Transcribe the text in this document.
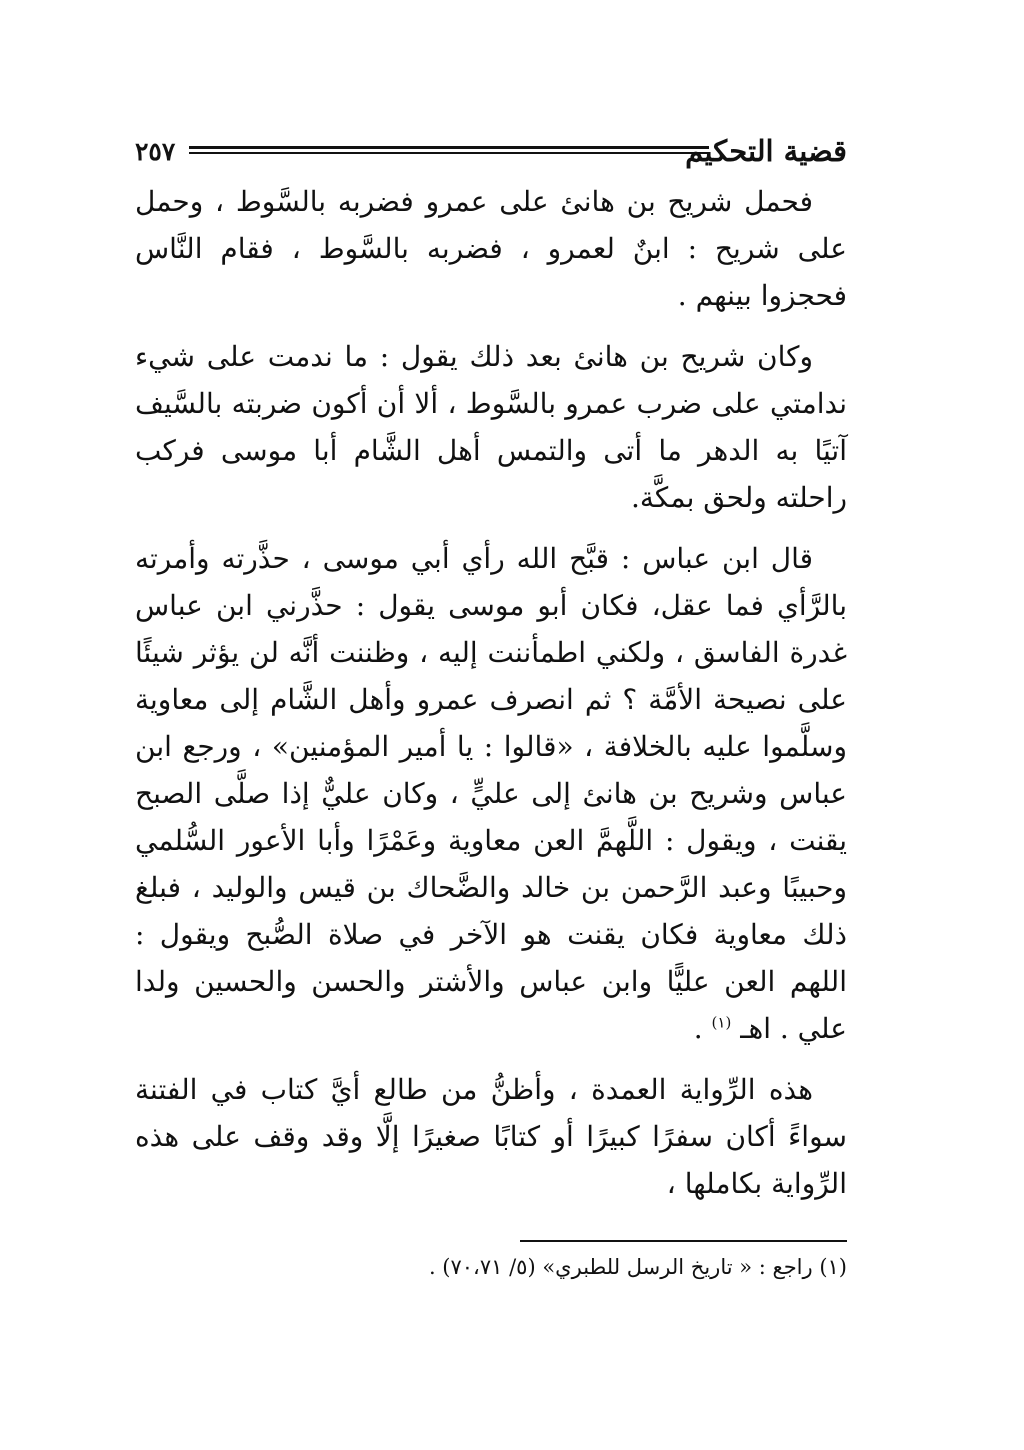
٢٥٧	قضية التحكيم

فحمل شريح بن هانئ على عمرو فضربه بالسَّوط ، وحمل على شريح : ابنٌ لعمرو ، فضربه بالسَّوط ، فقام النَّاس فحجزوا بينهم .

وكان شريح بن هانئ بعد ذلك يقول : ما ندمت على شيء ندامتي على ضرب عمرو بالسَّوط ، ألا أن أكون ضربته بالسَّيف آتيًا به الدهر ما أتى والتمس أهل الشَّام أبا موسى فركب راحلته ولحق بمكَّة.

قال ابن عباس : قبَّح الله رأي أبي موسى ، حذَّرته وأمرته بالرَّأي فما عقل، فكان أبو موسى يقول : حذَّرني ابن عباس غدرة الفاسق ، ولكني اطمأننت إليه ، وظننت أنَّه لن يؤثر شيئًا على نصيحة الأمَّة ؟ ثم انصرف عمرو وأهل الشَّام إلى معاوية وسلَّموا عليه بالخلافة ، «قالوا : يا أمير المؤمنين» ، ورجع ابن عباس وشريح بن هانئ إلى عليٍّ ، وكان عليٌّ إذا صلَّى الصبح يقنت ، ويقول : اللَّهمَّ العن معاوية وعَمْرًا وأبا الأعور السُّلمي وحبيبًا وعبد الرَّحمن بن خالد والضَّحاك بن قيس والوليد ، فبلغ ذلك معاوية فكان يقنت هو الآخر في صلاة الصُّبح ويقول : اللهم العن عليًّا وابن عباس والأشتر والحسن والحسين ولدا علي . اهـ $^{(١)}$ .

هذه الرِّواية العمدة ، وأظنُّ من طالع أيَّ كتاب في الفتنة سواءً أكان سفرًا كبيرًا أو كتابًا صغيرًا إلَّا وقد وقف على هذه الرِّواية بكاملها ،

(١) راجع : « تاريخ الرسل للطبري» (٥/ ٧٠،٧١) .
